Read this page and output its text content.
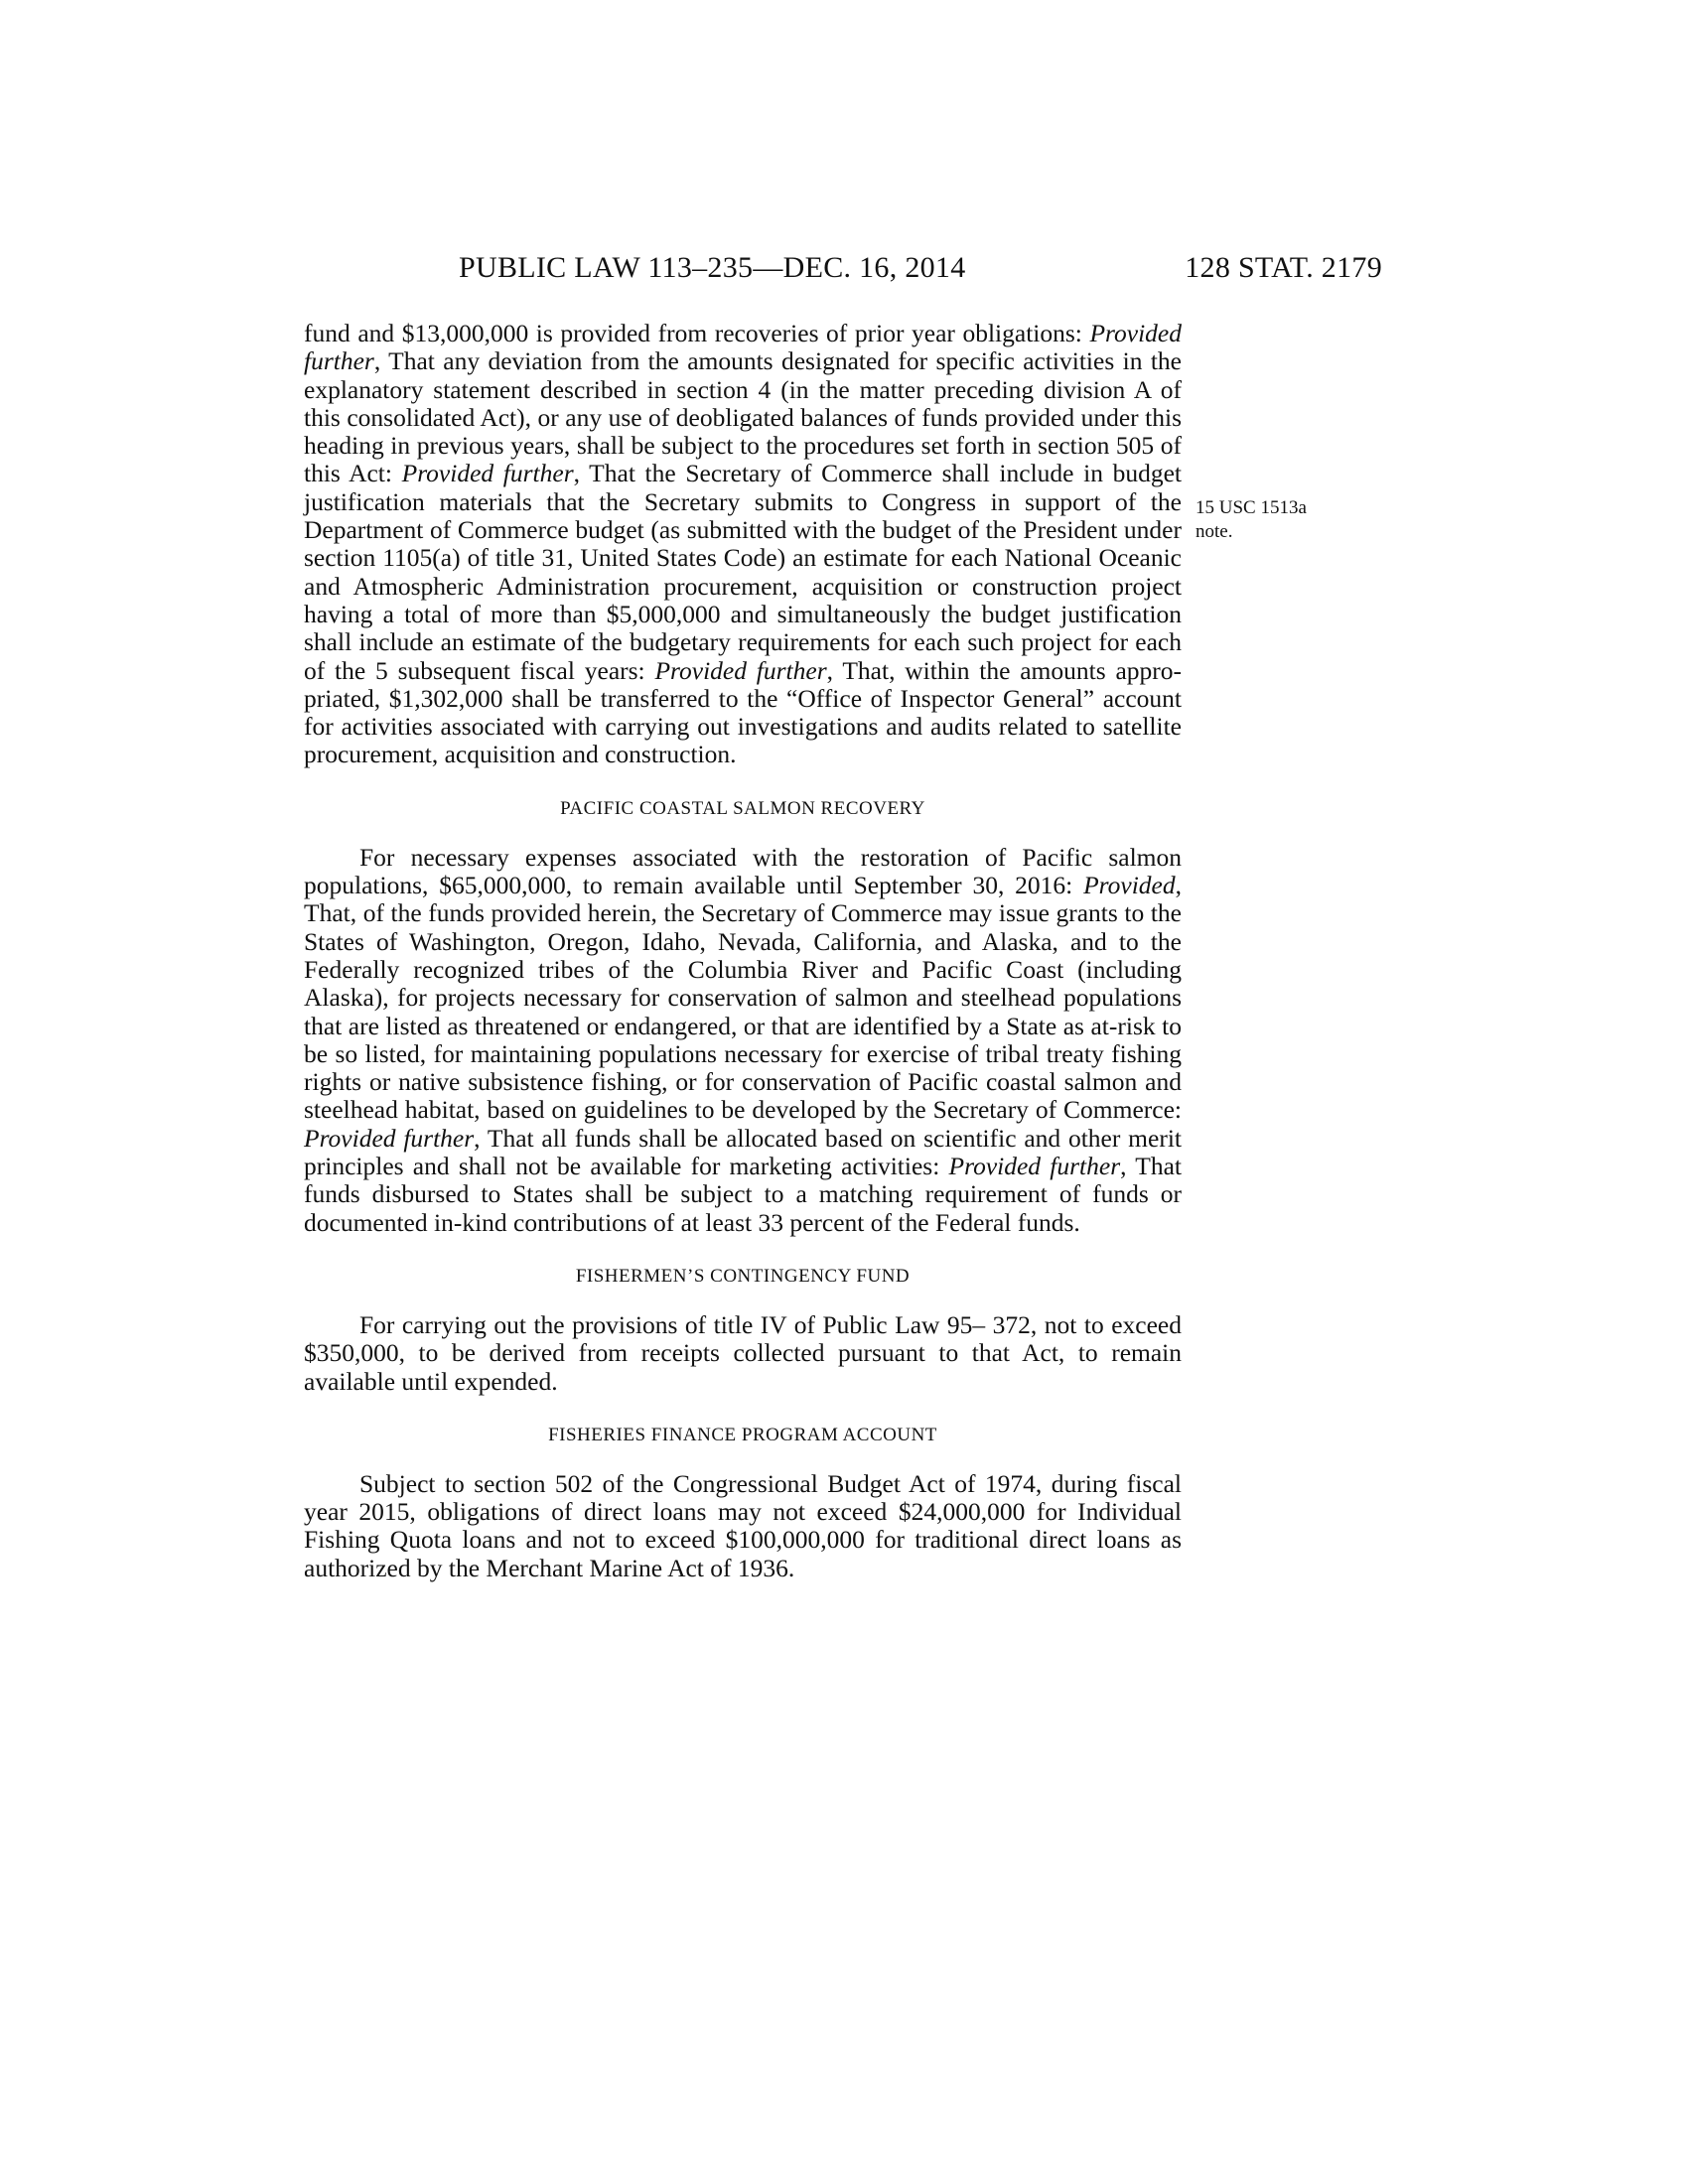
PUBLIC LAW 113–235—DEC. 16, 2014	128 STAT. 2179
15 USC 1513a
note.

fund and $13,000,000 is provided from recoveries of prior year obligations: Provided further, That any deviation from the amounts designated for specific activities in the explanatory statement described in section 4 (in the matter preceding division A of this consolidated Act), or any use of deobligated balances of funds provided under this heading in previous years, shall be subject to the procedures set forth in section 505 of this Act: Provided further, That the Secretary of Commerce shall include in budget justification materials that the Secretary submits to Congress in support of the Department of Commerce budget (as submitted with the budget of the President under section 1105(a) of title 31, United States Code) an estimate for each National Oceanic and Atmospheric Administration procurement, acquisition or construction project having a total of more than $5,000,000 and simultaneously the budget justification shall include an estimate of the budgetary requirements for each such project for each of the 5 subsequent fiscal years: Provided further, That, within the amounts appropriated, $1,302,000 shall be transferred to the “Office of Inspector General” account for activities associated with carrying out investigations and audits related to satellite procurement, acquisition and construction.

PACIFIC COASTAL SALMON RECOVERY

For necessary expenses associated with the restoration of Pacific salmon populations, $65,000,000, to remain available until September 30, 2016: Provided, That, of the funds provided herein, the Secretary of Commerce may issue grants to the States of Washington, Oregon, Idaho, Nevada, California, and Alaska, and to the Federally recognized tribes of the Columbia River and Pacific Coast (including Alaska), for projects necessary for conservation of salmon and steelhead populations that are listed as threatened or endangered, or that are identified by a State as at-risk to be so listed, for maintaining populations necessary for exercise of tribal treaty fishing rights or native subsistence fishing, or for conservation of Pacific coastal salmon and steelhead habitat, based on guidelines to be developed by the Secretary of Commerce: Provided further, That all funds shall be allocated based on scientific and other merit principles and shall not be available for marketing activities: Provided further, That funds disbursed to States shall be subject to a matching requirement of funds or documented in-kind contributions of at least 33 percent of the Federal funds.

FISHERMEN’S CONTINGENCY FUND

For carrying out the provisions of title IV of Public Law 95– 372, not to exceed $350,000, to be derived from receipts collected pursuant to that Act, to remain available until expended.

FISHERIES FINANCE PROGRAM ACCOUNT

Subject to section 502 of the Congressional Budget Act of 1974, during fiscal year 2015, obligations of direct loans may not exceed $24,000,000 for Individual Fishing Quota loans and not to exceed $100,000,000 for traditional direct loans as authorized by the Merchant Marine Act of 1936.
